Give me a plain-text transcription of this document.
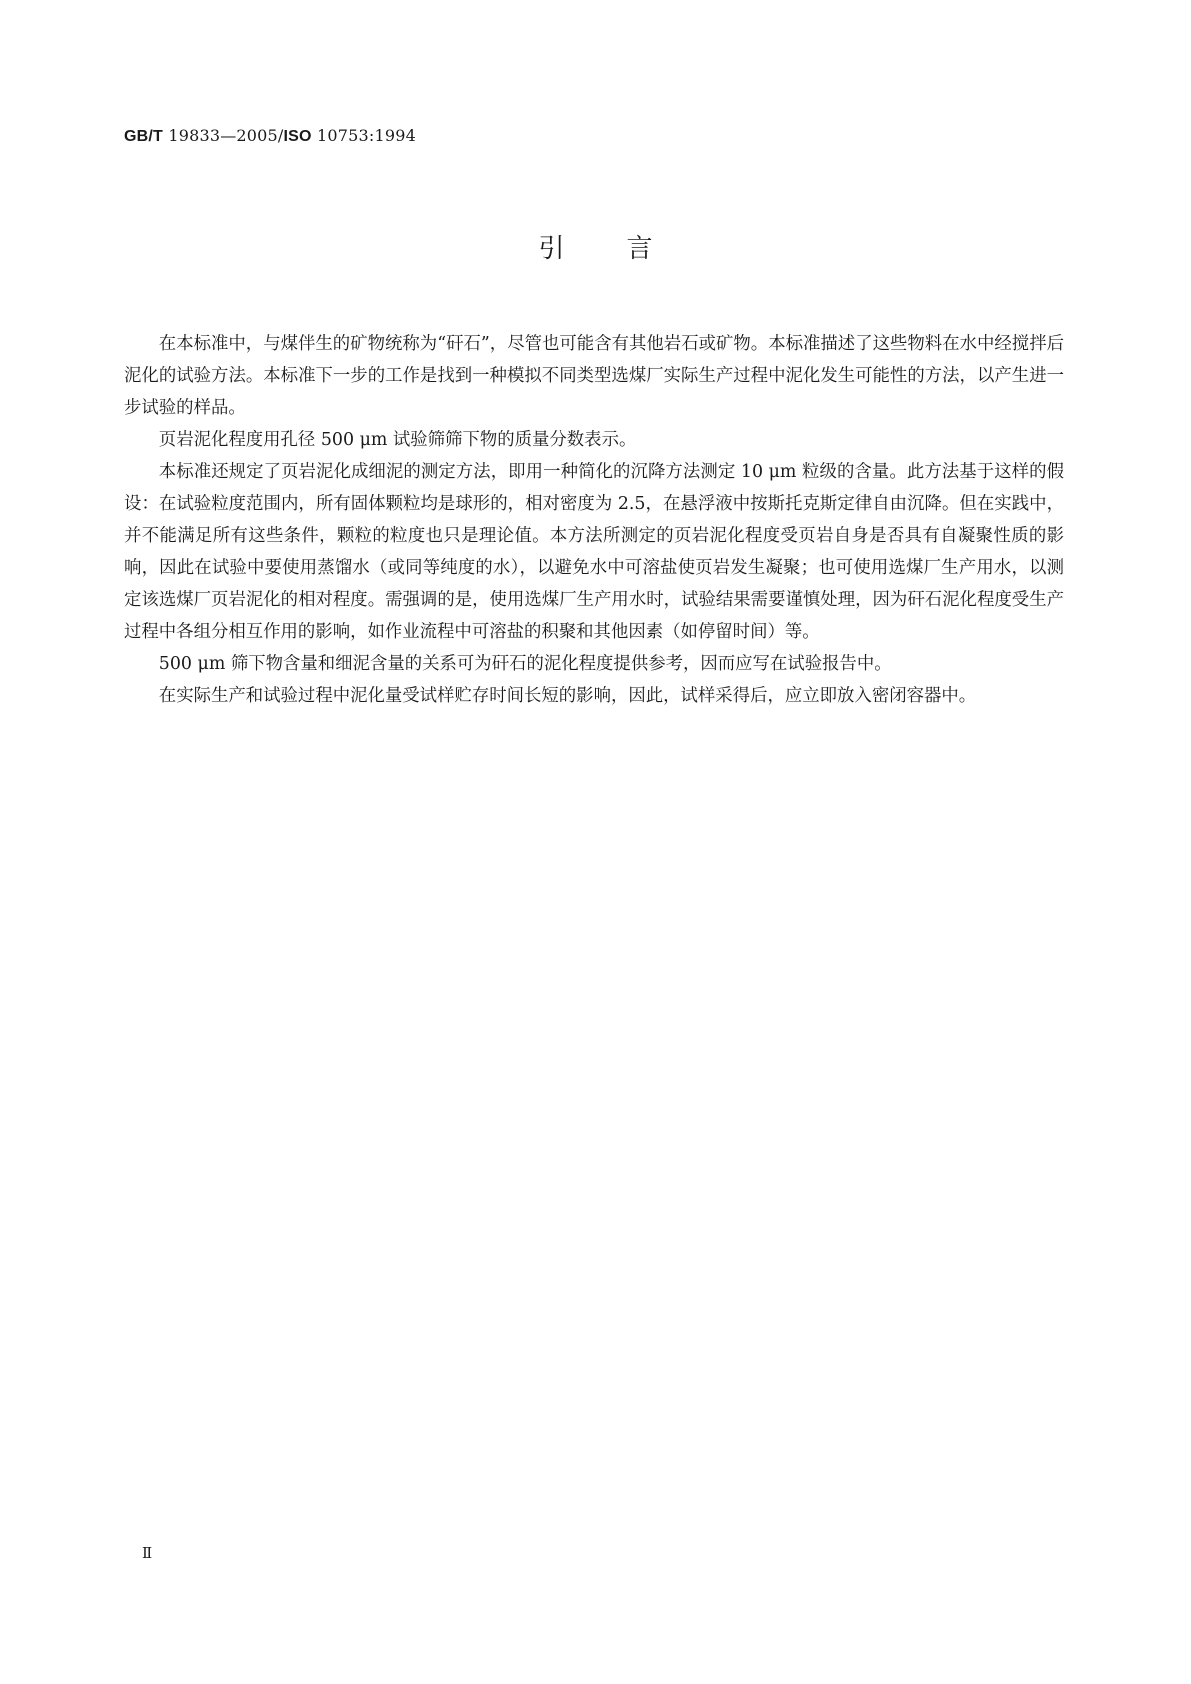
GB/T 19833—2005/ISO 10753:1994
引言

在本标准中，与煤伴生的矿物统称为“矸石”，尽管也可能含有其他岩石或矿物。本标准描述了这些物料在水中经搅拌后泥化的试验方法。本标准下一步的工作是找到一种模拟不同类型选煤厂实际生产过程中泥化发生可能性的方法，以产生进一步试验的样品。

页岩泥化程度用孔径 500 μm 试验筛筛下物的质量分数表示。

本标准还规定了页岩泥化成细泥的测定方法，即用一种简化的沉降方法测定 10 μm 粒级的含量。此方法基于这样的假设：在试验粒度范围内，所有固体颗粒均是球形的，相对密度为 2.5，在悬浮液中按斯托克斯定律自由沉降。但在实践中，并不能满足所有这些条件，颗粒的粒度也只是理论值。本方法所测定的页岩泥化程度受页岩自身是否具有自凝聚性质的影响，因此在试验中要使用蒸馏水（或同等纯度的水），以避免水中可溶盐使页岩发生凝聚；也可使用选煤厂生产用水，以测定该选煤厂页岩泥化的相对程度。需强调的是，使用选煤厂生产用水时，试验结果需要谨慎处理，因为矸石泥化程度受生产过程中各组分相互作用的影响，如作业流程中可溶盐的积聚和其他因素（如停留时间）等。

500 μm 筛下物含量和细泥含量的关系可为矸石的泥化程度提供参考，因而应写在试验报告中。

在实际生产和试验过程中泥化量受试样贮存时间长短的影响，因此，试样采得后，应立即放入密闭容器中。

Ⅱ
